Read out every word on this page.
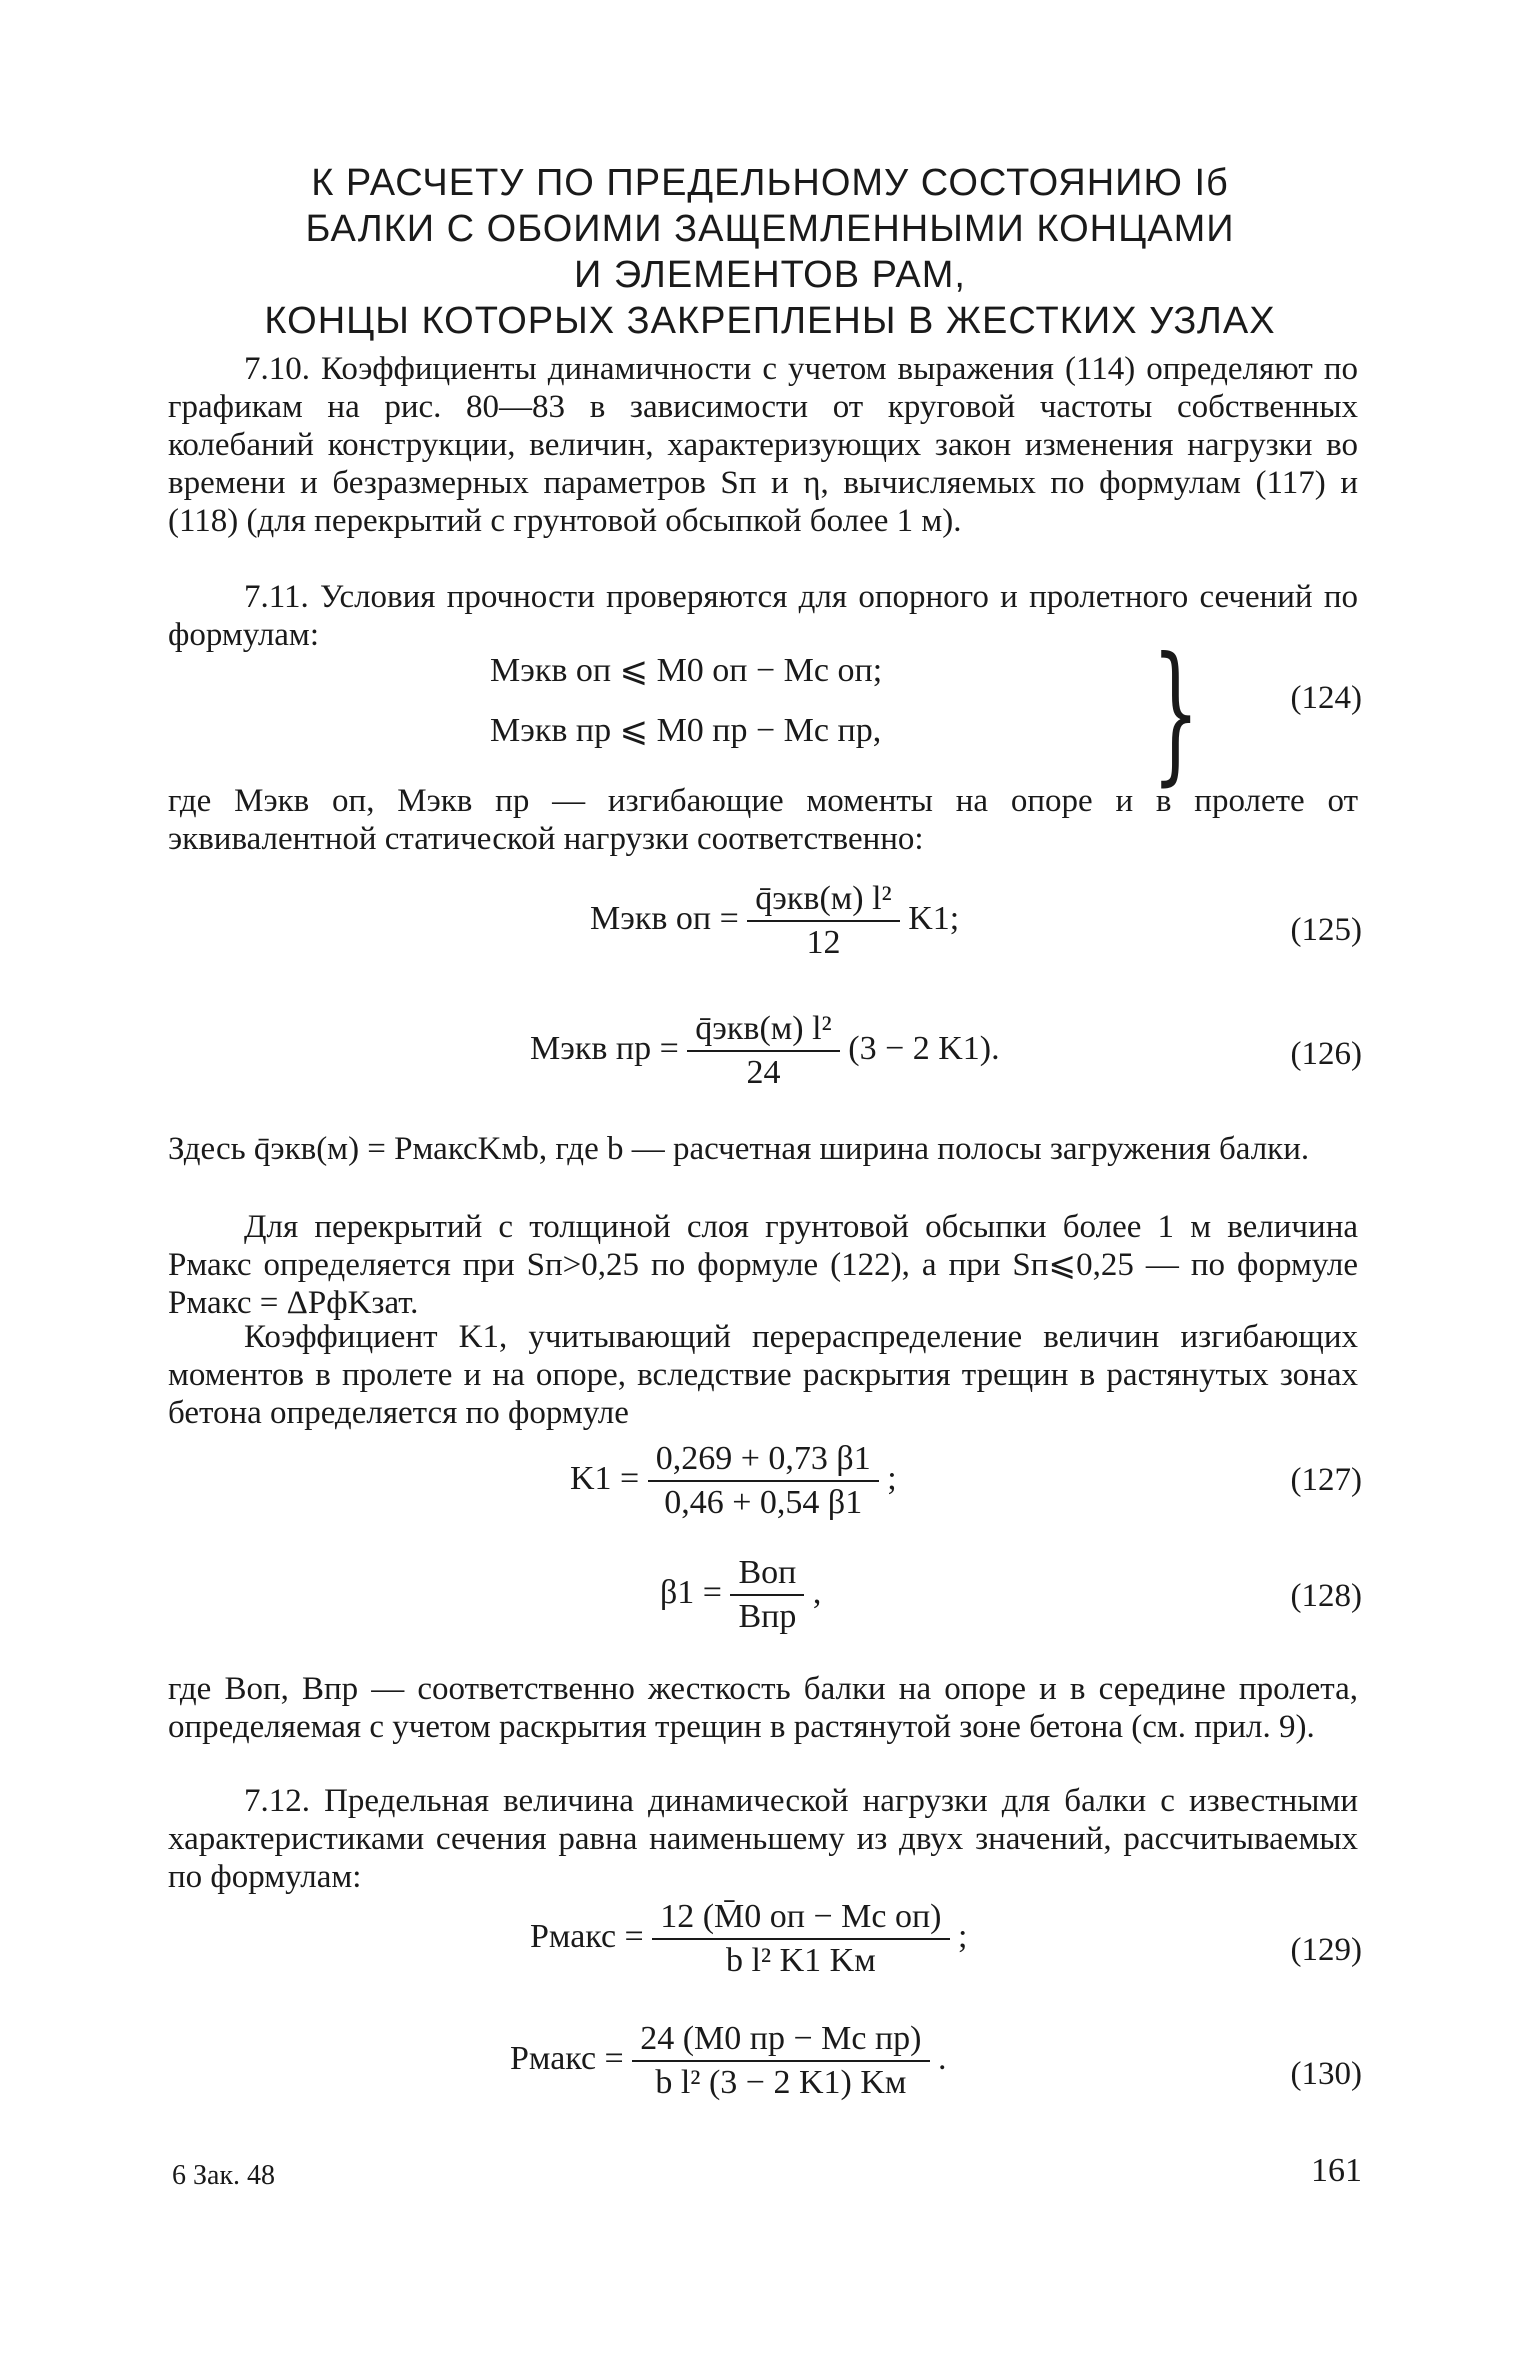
К РАСЧЕТУ ПО ПРЕДЕЛЬНОМУ СОСТОЯНИЮ Iб
БАЛКИ С ОБОИМИ ЗАЩЕМЛЕННЫМИ КОНЦАМИ
И ЭЛЕМЕНТОВ РАМ,
КОНЦЫ КОТОРЫХ ЗАКРЕПЛЕНЫ В ЖЕСТКИХ УЗЛАХ
7.10. Коэффициенты динамичности с учетом выражения (114) определяют по графикам на рис. 80—83 в зависимости от круговой частоты собственных колебаний конструкции, величин, характеризующих закон изменения нагрузки во времени и безразмерных параметров Sп и η, вычисляемых по формулам (117) и (118) (для перекрытий с грунтовой обсыпкой более 1 м).
7.11. Условия прочности проверяются для опорного и пролетного сечений по формулам:
Mэкв оп ⩽ M0 оп − Mс оп;
Mэкв пр ⩽ M0 пр − Mс пр, }	(124)
где Mэкв оп, Mэкв пр — изгибающие моменты на опоре и в пролете от эквивалентной статической нагрузки соответственно:
Mэкв оп = $\frac{\text{q̄экв(м) l²}}{12} K1$;	(125)
Mэкв пр = $\frac{\text{q̄экв(м) l²}}{24} (3 - 2$ K1).	(126)
Здесь q̄экв(м) = PмаксKмb, где b — расчетная ширина полосы загружения балки.
Для перекрытий с толщиной слоя грунтовой обсыпки более 1 м величина Pмакс определяется при Sп>0,25 по формуле (122), а при Sп⩽0,25 — по формуле Pмакс = ΔPфKзат.
Коэффициент K1, учитывающий перераспределение величин изгибающих моментов в пролете и на опоре, вследствие раскрытия трещин в растянутых зонах бетона определяется по формуле
$K1 = \frac{0,269 + 0,73 \beta 1}{0,46 + 0,54 \beta 1}$ ;	(127)
$\beta 1 = \frac{\text{Bоп}}{\text{Bпр}}$ ,	(128)
где Bоп, Bпр — соответственно жесткость балки на опоре и в середине пролета, определяемая с учетом раскрытия трещин в растянутой зоне бетона (см. прил. 9).
7.12. Предельная величина динамической нагрузки для балки с известными характеристиками сечения равна наименьшему из двух значений, рассчитываемых по формулам:
Pмакс = $\frac{\text{12 (M̄0 оп − Mс оп)}}{\text{b l² K1 Kм}}$ ;	(129)
Pмакс = $\frac{\text{24 (M0 пр − Mс пр)}}{\text{b l² (3 − 2 K1) Kм}}$ .	(130)
6 Зак. 48	161
